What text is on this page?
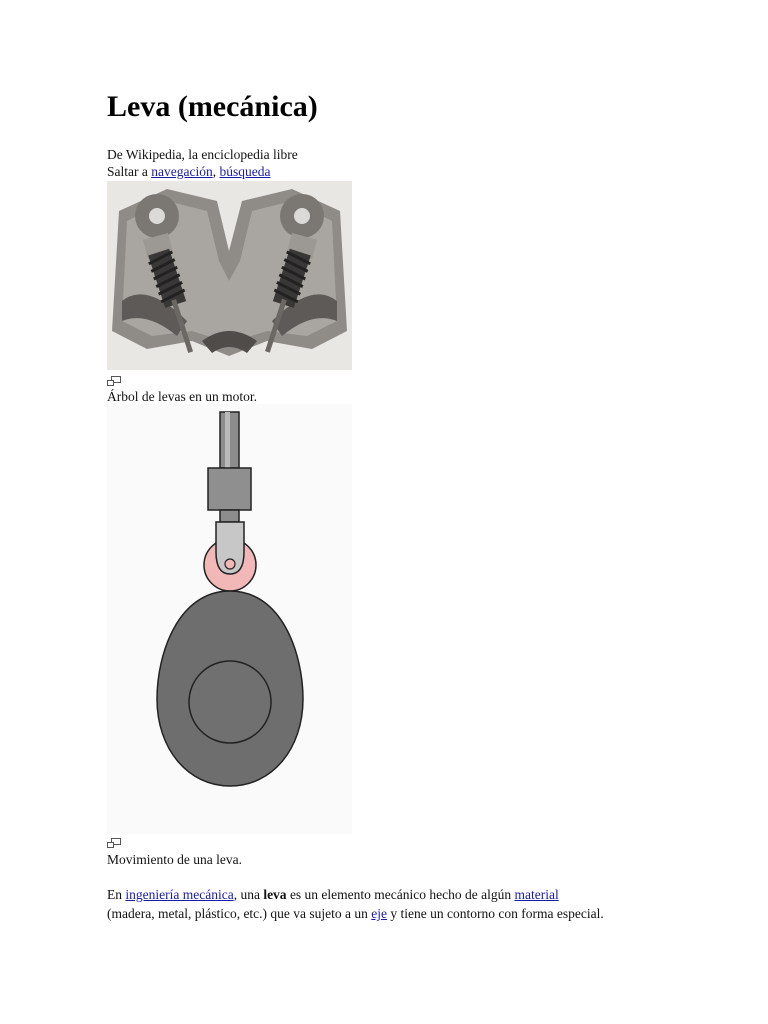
Leva (mecánica)
De Wikipedia, la enciclopedia libre
Saltar a navegación, búsqueda
Árbol de levas en un motor.
Movimiento de una leva.
En ingeniería mecánica, una leva es un elemento mecánico hecho de algún material
(madera, metal, plástico, etc.) que va sujeto a un eje y tiene un contorno con forma especial.
